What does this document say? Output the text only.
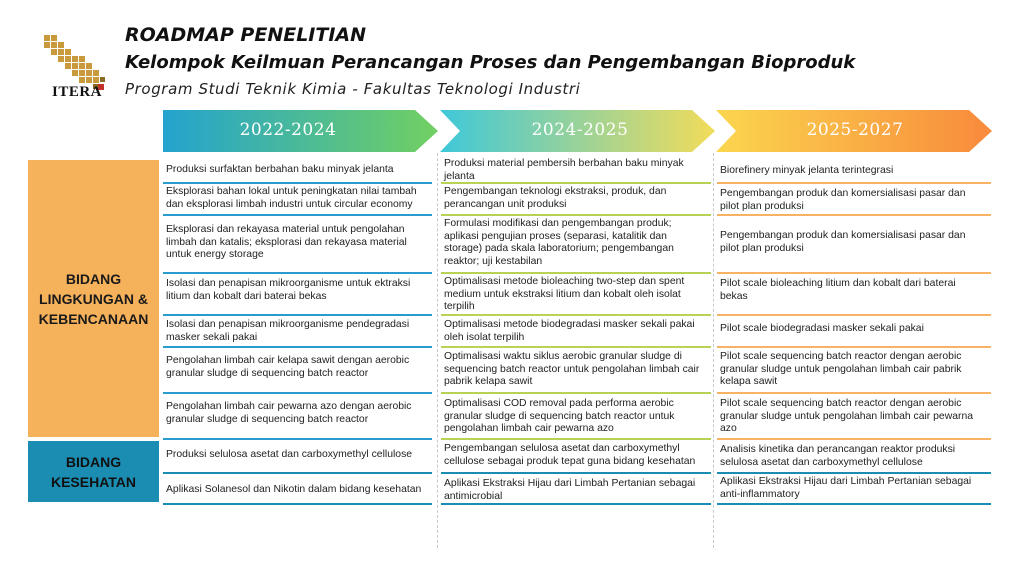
ITERA
ROADMAP PENELITIAN
Kelompok Keilmuan Perancangan Proses dan Pengembangan Bioproduk
Program Studi Teknik Kimia - Fakultas Teknologi Industri
2022-2024	2024-2025	2025-2027
BIDANG LINGKUNGAN & KEBENCANAAN
BIDANG KESEHATAN
Produksi surfaktan berbahan baku minyak jelanta
Produksi material pembersih berbahan baku minyak jelanta
Biorefinery minyak jelanta terintegrasi
Eksplorasi bahan lokal untuk peningkatan nilai tambah dan eksplorasi limbah industri untuk circular economy
Pengembangan teknologi ekstraksi, produk, dan perancangan unit produksi
Pengembangan produk dan komersialisasi pasar dan pilot plan produksi
Eksplorasi dan rekayasa material untuk pengolahan limbah dan katalis; eksplorasi dan rekayasa material untuk energy storage
Formulasi modifikasi dan pengembangan produk; aplikasi pengujian proses (separasi, katalitik dan storage) pada skala laboratorium; pengembangan reaktor; uji kestabilan
Pengembangan produk dan komersialisasi pasar dan pilot plan produksi
Isolasi dan penapisan mikroorganisme untuk ektraksi litium dan kobalt dari baterai bekas
Optimalisasi metode bioleaching two-step dan spent medium untuk ekstraksi litium dan kobalt oleh isolat terpilih
Pilot scale bioleaching litium dan kobalt dari baterai bekas
Isolasi dan penapisan mikroorganisme pendegradasi masker sekali pakai
Optimalisasi metode biodegradasi masker sekali pakai oleh isolat terpilih
Pilot scale biodegradasi masker sekali pakai
Pengolahan limbah cair kelapa sawit dengan aerobic granular sludge di sequencing batch reactor
Optimalisasi waktu siklus aerobic granular sludge di sequencing batch reactor untuk pengolahan limbah cair pabrik kelapa sawit
Pilot scale sequencing batch reactor dengan aerobic granular sludge untuk pengolahan limbah cair pabrik kelapa sawit
Pengolahan limbah cair pewarna azo dengan aerobic granular sludge di sequencing batch reactor
Optimalisasi COD removal pada performa aerobic granular sludge di sequencing batch reactor untuk pengolahan limbah cair pewarna azo
Pilot scale sequencing batch reactor dengan aerobic granular sludge untuk pengolahan limbah cair pewarna azo
Produksi selulosa asetat dan carboxymethyl cellulose
Pengembangan selulosa asetat dan carboxymethyl cellulose sebagai produk tepat guna bidang kesehatan
Analisis kinetika dan perancangan reaktor produksi selulosa asetat dan carboxymethyl cellulose
Aplikasi Solanesol dan Nikotin dalam bidang kesehatan
Aplikasi Ekstraksi Hijau dari Limbah Pertanian sebagai antimicrobial
Aplikasi Ekstraksi Hijau dari Limbah Pertanian sebagai anti-inflammatory
